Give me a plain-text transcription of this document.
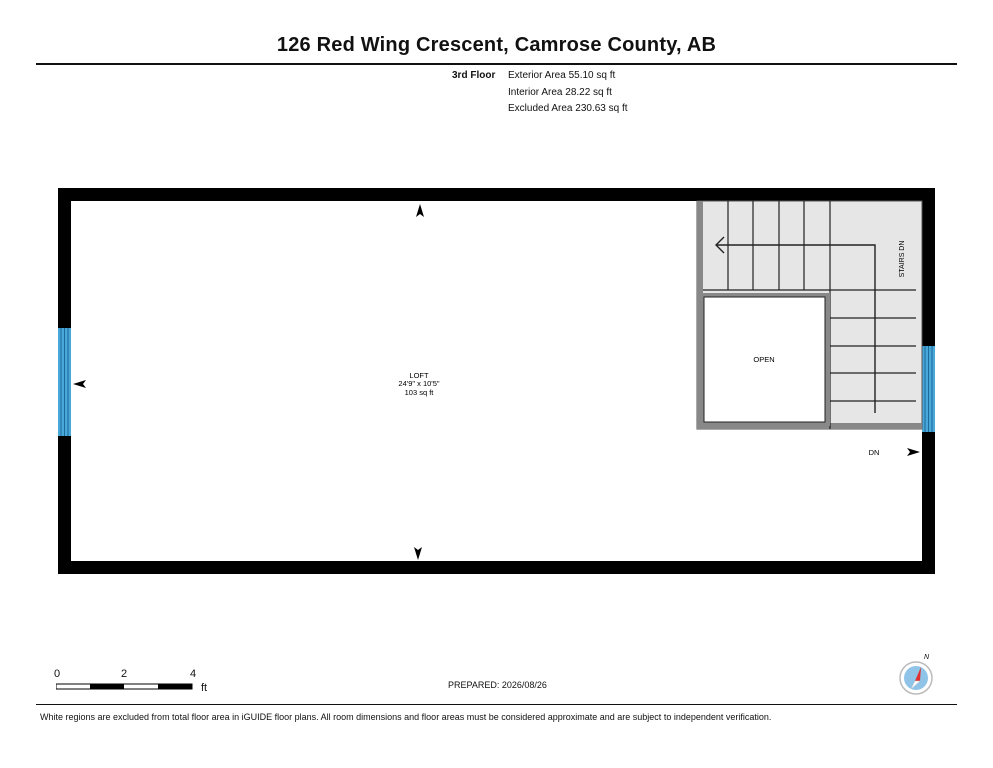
126 Red Wing Crescent, Camrose County, AB
3rd Floor Exterior Area 55.10 sq ft
Interior Area 28.22 sq ft
Excluded Area 230.63 sq ft
LOFT
24'9" x 10'5"
103 sq ft
OPEN
STAIRS DN
DN
0	2	4
ft	PREPARED: 2026/08/26
N
White regions are excluded from total floor area in iGUIDE floor plans. All room dimensions and floor areas must be considered approximate and are subject to independent verification.
